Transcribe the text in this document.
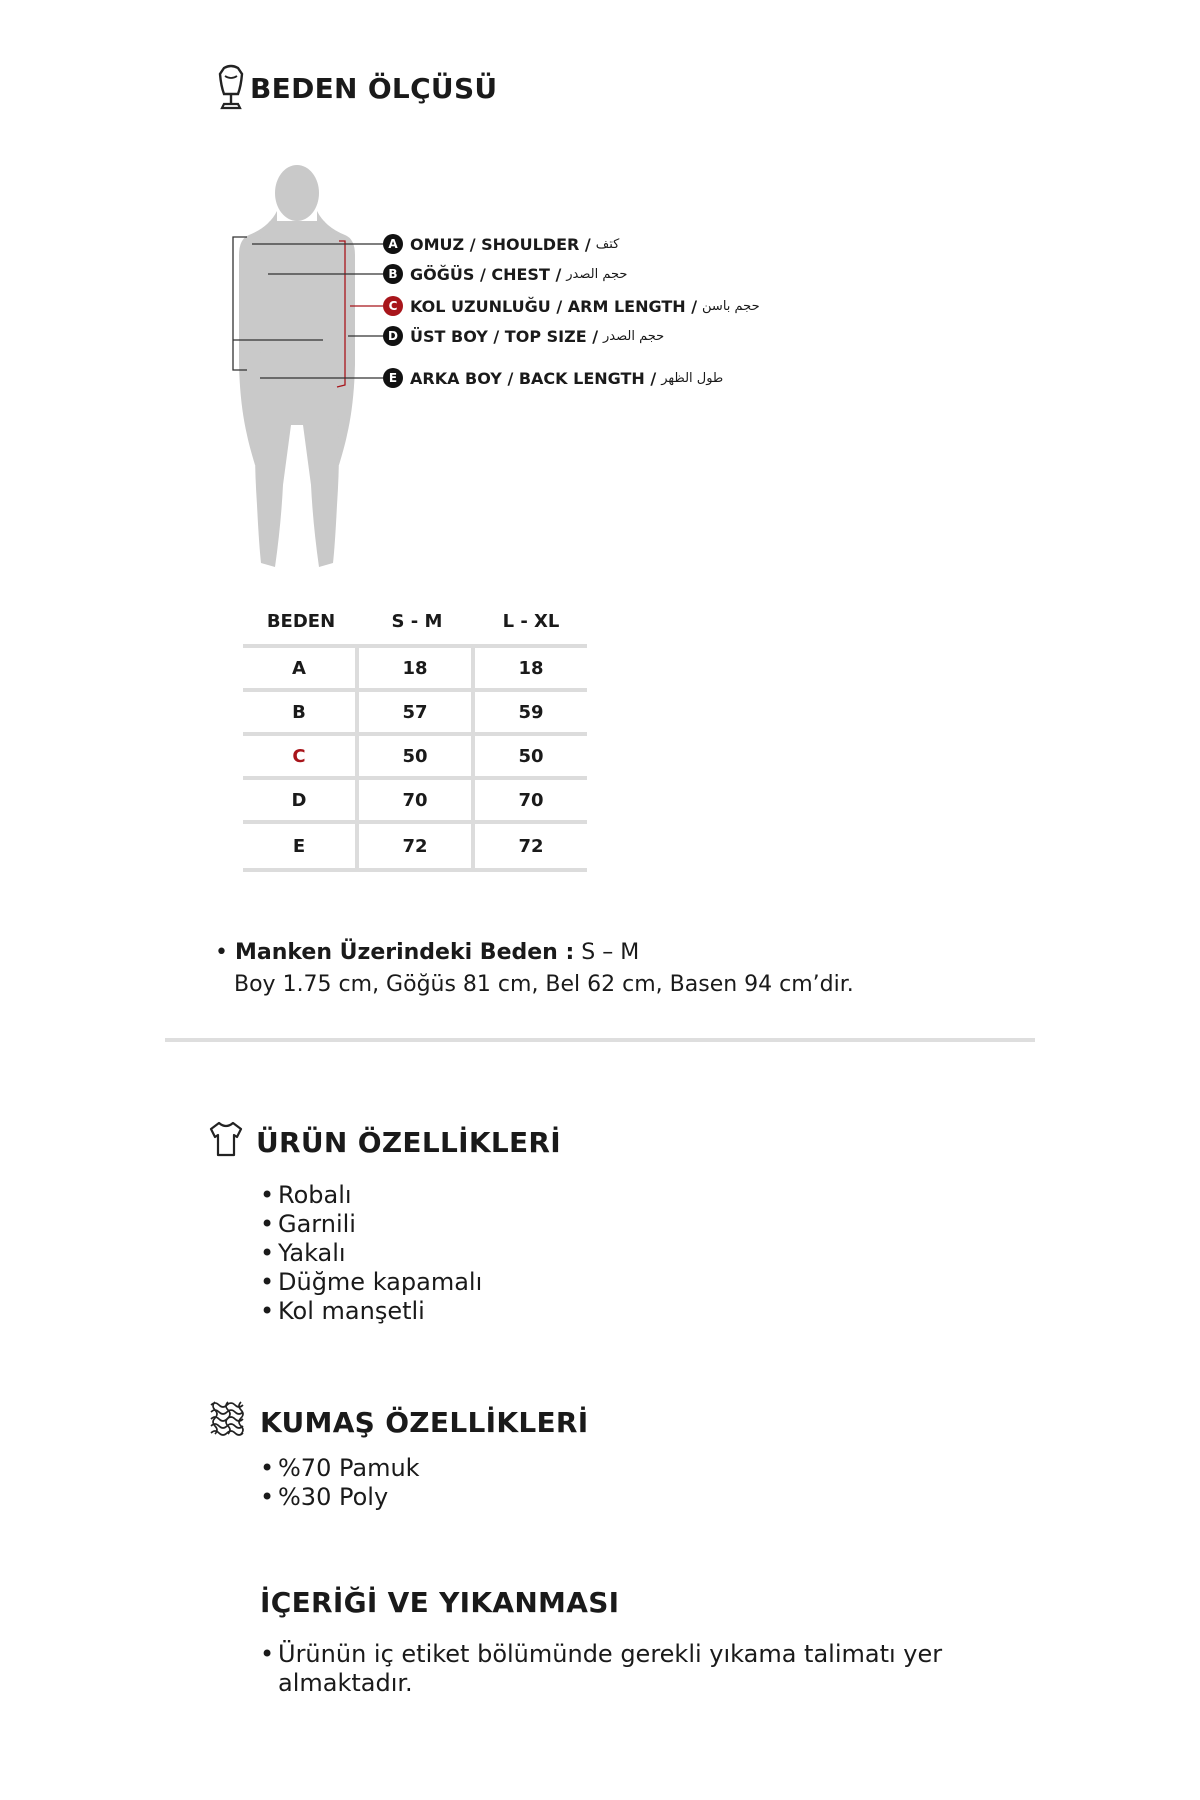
BEDEN ÖLÇÜSÜ
A OMUZ / SHOULDER / كتف
B GÖĞÜS / CHEST / حجم الصدر
C KOL UZUNLUĞU / ARM LENGTH / حجم باسن
D ÜST BOY / TOP SIZE / حجم الصدر
E ARKA BOY / BACK LENGTH / طول الظهر
BEDEN	S - M	L - XL
A	18	18
B	57	59
C	50	50
D	70	70
E	72	72
• Manken Üzerindeki Beden : S – M
Boy 1.75 cm, Göğüs 81 cm, Bel 62 cm, Basen 94 cm’dir.
ÜRÜN ÖZELLİKLERİ
• Robalı
• Garnili
• Yakalı
• Düğme kapamalı
• Kol manşetli
KUMAŞ ÖZELLİKLERİ
• %70 Pamuk
• %30 Poly
İÇERİĞİ VE YIKANMASI
• Ürünün iç etiket bölümünde gerekli yıkama talimatı yer
almaktadır.
